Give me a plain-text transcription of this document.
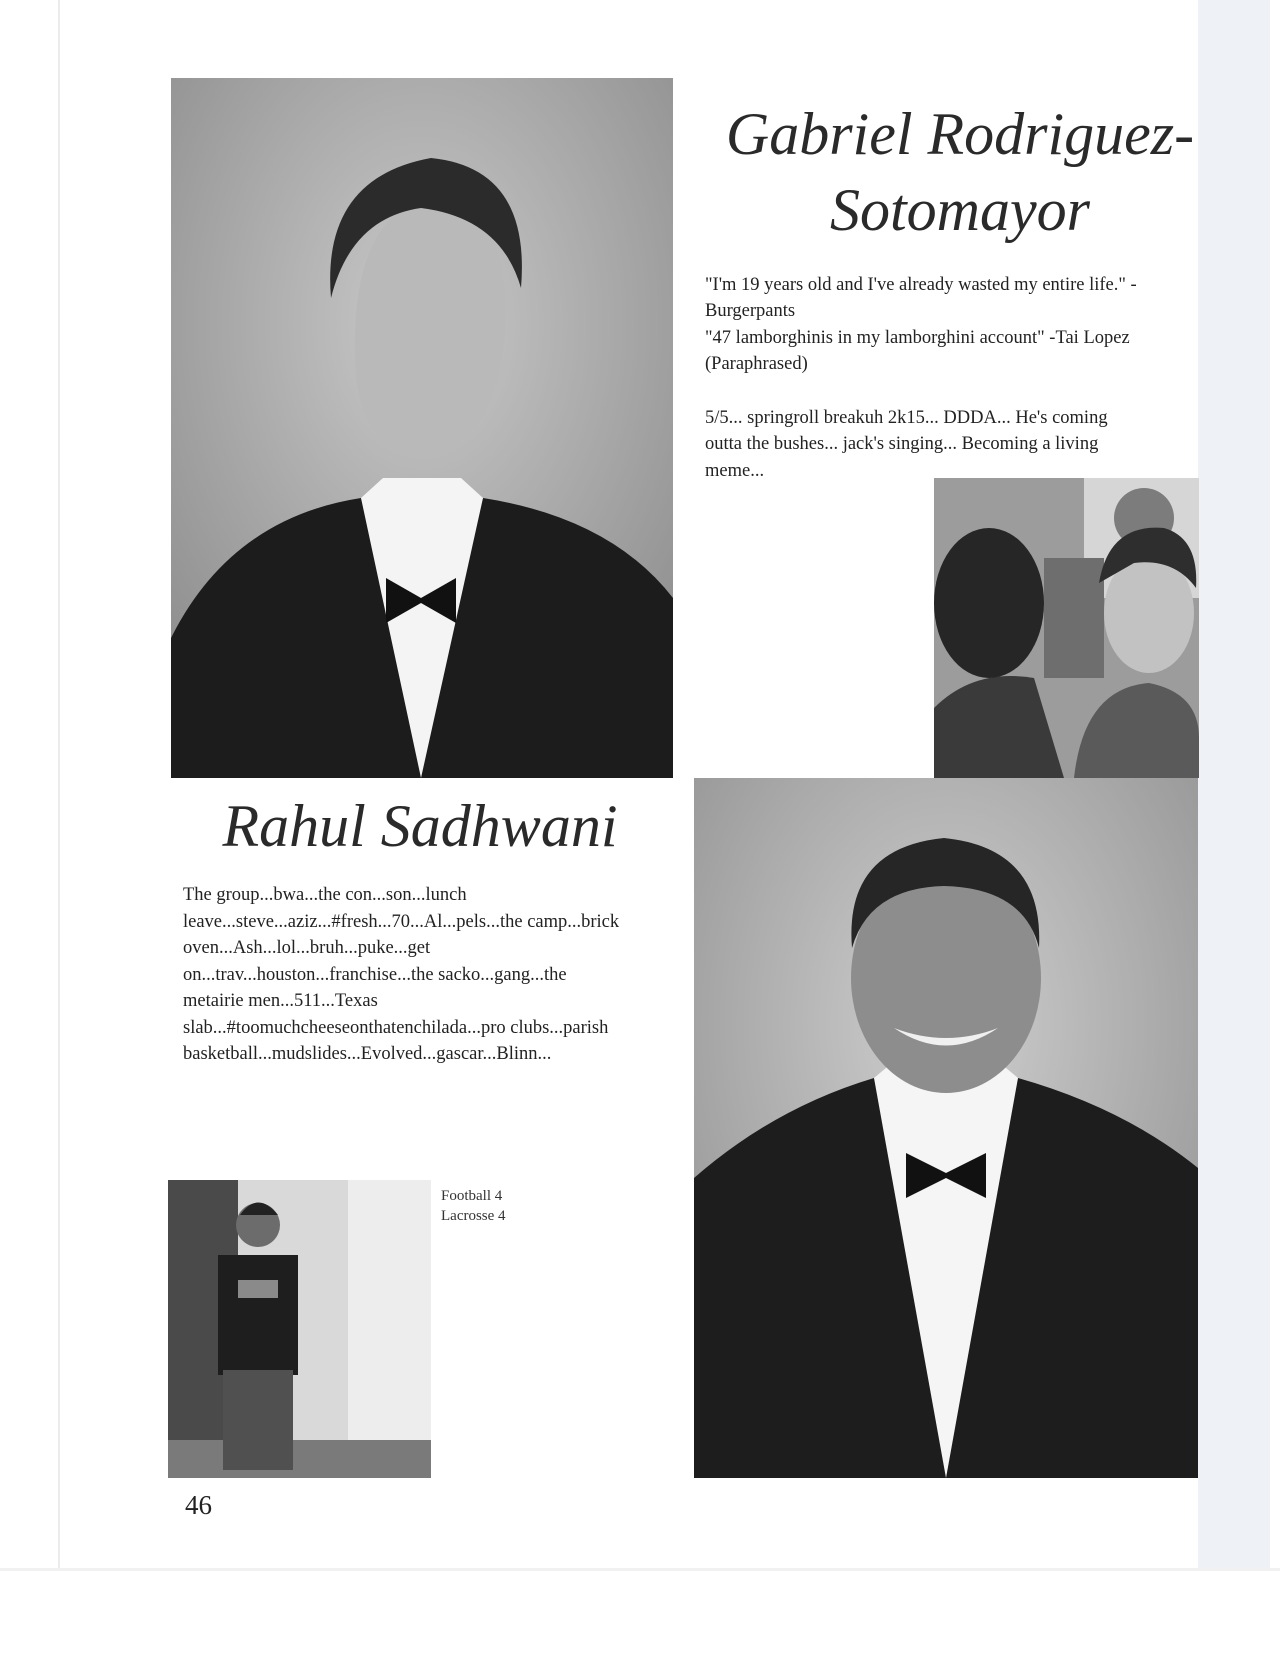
Gabriel Rodriguez-
Sotomayor

"I'm 19 years old and I've already wasted my entire life." -

Burgerpants

"47 lamborghinis in my lamborghini account" -Tai Lopez

(Paraphrased)

5/5... springroll breakuh 2k15... DDDA... He's coming

outta the bushes... jack's singing... Becoming a living

meme...

Rahul Sadhwani

The group...bwa...the con...son...lunch

leave...steve...aziz...#fresh...70...Al...pels...the camp...brick

oven...Ash...lol...bruh...puke...get

on...trav...houston...franchise...the sacko...gang...the

metairie men...511...Texas

slab...#toomuchcheeseonthatenchilada...pro clubs...parish

basketball...mudslides...Evolved...gascar...Blinn...

Football 4

Lacrosse 4

46
